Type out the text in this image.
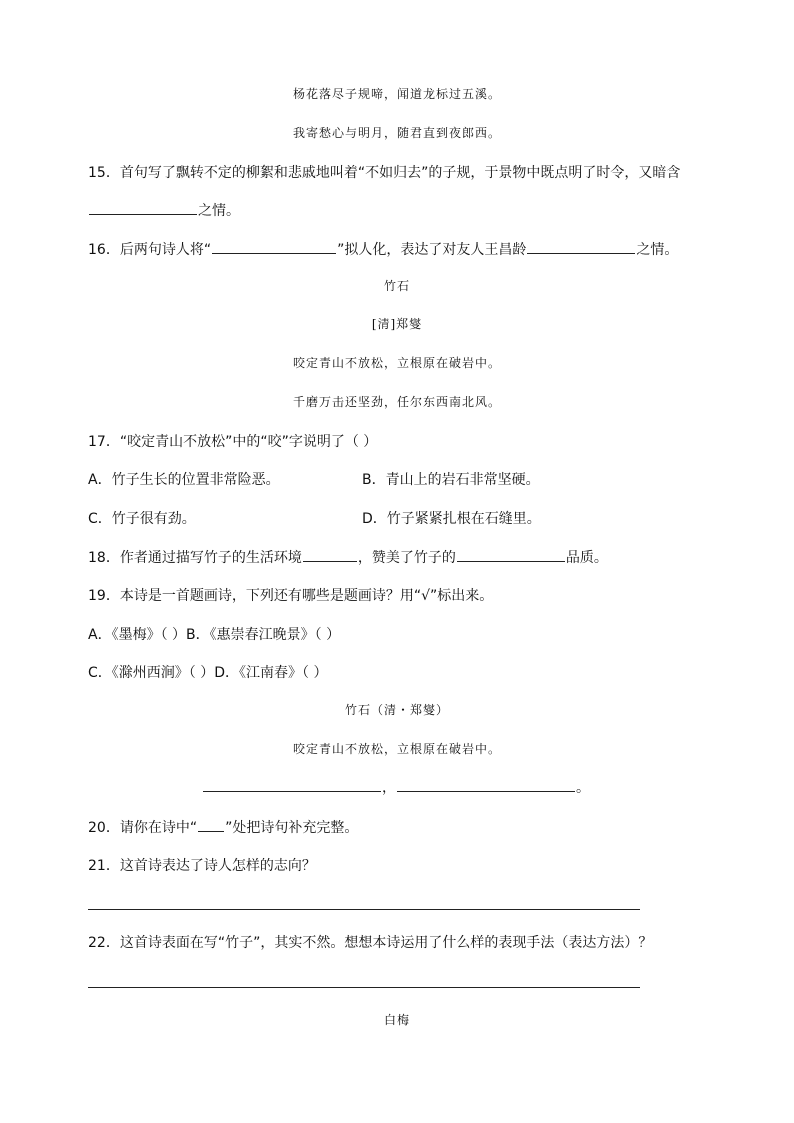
杨花落尽子规啼，闻道龙标过五溪。
我寄愁心与明月，随君直到夜郎西。
15．首句写了飘转不定的柳絮和悲戚地叫着“不如归去”的子规，于景物中既点明了时令，又暗含
之情。
16．后两句诗人将“	”拟人化，表达了对友人王昌龄	之情。
竹石
[清]郑燮
咬定青山不放松，立根原在破岩中。
千磨万击还坚劲，任尔东西南北风。
17．“咬定青山不放松”中的“咬”字说明了（ ）
A．竹子生长的位置非常险恶。	B．青山上的岩石非常坚硬。
C．竹子很有劲。	D．竹子紧紧扎根在石缝里。
18．作者通过描写竹子的生活环境	，赞美了竹子的	品质。
19．本诗是一首题画诗，下列还有哪些是题画诗？用“√”标出来。
A．《墨梅》（ ）B．《惠崇春江晚景》（ ）
C．《滁州西涧》（ ）D．《江南春》（ ）
竹石（清・郑燮）
咬定青山不放松，立根原在破岩中。
，	。
20．请你在诗中“ ”处把诗句补充完整。
21．这首诗表达了诗人怎样的志向？
22．这首诗表面在写“竹子”，其实不然。想想本诗运用了什么样的表现手法（表达方法）？
白梅
